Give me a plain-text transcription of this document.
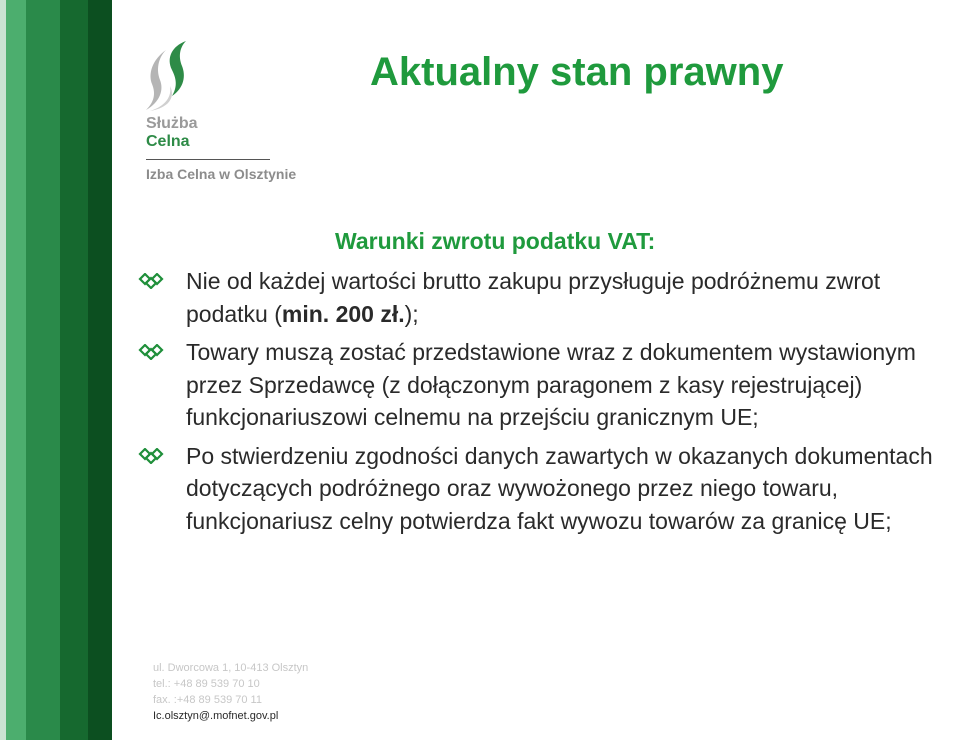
Służba
Celna
Izba Celna w Olsztynie
Aktualny stan prawny
Warunki zwrotu podatku VAT:
Nie od każdej wartości brutto zakupu przysługuje podróżnemu zwrot podatku (min. 200 zł.);
Towary muszą zostać przedstawione wraz z dokumentem wystawionym przez Sprzedawcę (z dołączonym paragonem z kasy rejestrującej) funkcjonariuszowi celnemu na przejściu granicznym UE;
Po stwierdzeniu zgodności danych zawartych w okazanych dokumentach dotyczących podróżnego oraz wywożonego przez niego towaru, funkcjonariusz celny potwierdza fakt wywozu towarów za granicę UE;
ul. Dworcowa 1, 10-413 Olsztyn
tel.: +48 89 539 70 10
fax. :+48 89 539 70 11
Ic.olsztyn@.mofnet.gov.pl
